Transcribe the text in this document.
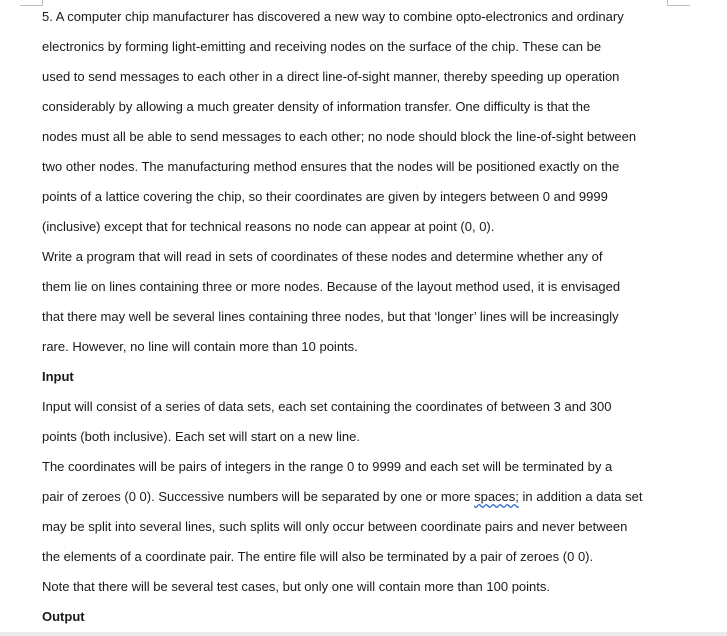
5. A computer chip manufacturer has discovered a new way to combine opto-electronics and ordinary
electronics by forming light-emitting and receiving nodes on the surface of the chip. These can be
used to send messages to each other in a direct line-of-sight manner, thereby speeding up operation
considerably by allowing a much greater density of information transfer. One difficulty is that the
nodes must all be able to send messages to each other; no node should block the line-of-sight between
two other nodes. The manufacturing method ensures that the nodes will be positioned exactly on the
points of a lattice covering the chip, so their coordinates are given by integers between 0 and 9999
(inclusive) except that for technical reasons no node can appear at point (0, 0).
Write a program that will read in sets of coordinates of these nodes and determine whether any of
them lie on lines containing three or more nodes. Because of the layout method used, it is envisaged
that there may well be several lines containing three nodes, but that ‘longer’ lines will be increasingly
rare. However, no line will contain more than 10 points.
Input
Input will consist of a series of data sets, each set containing the coordinates of between 3 and 300
points (both inclusive). Each set will start on a new line.
The coordinates will be pairs of integers in the range 0 to 9999 and each set will be terminated by a
pair of zeroes (0 0). Successive numbers will be separated by one or more spaces; in addition a data set
may be split into several lines, such splits will only occur between coordinate pairs and never between
the elements of a coordinate pair. The entire file will also be terminated by a pair of zeroes (0 0).
Note that there will be several test cases, but only one will contain more than 100 points.
Output
